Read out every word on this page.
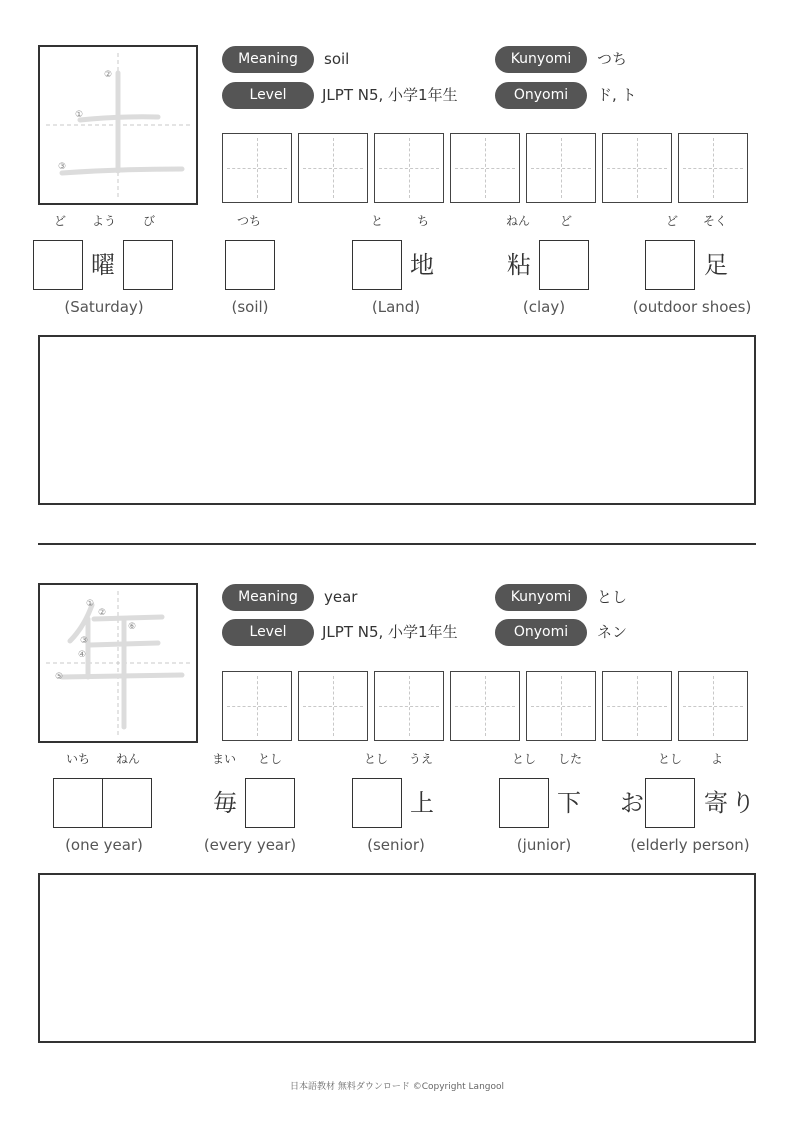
①
②
③
Meaning	soil
Level	JLPT N5, 小学1年生
Kunyomi	つち
Onyomi	ド, ト
ど よう び
曜
(Saturday)
つち
(soil)
と	ち
地
(Land)
ねん ど
粘
(clay)
ど そく
足
(outdoor shoes)
①
②
③
④
⑤
⑥
Meaning	year
Level	JLPT N5, 小学1年生
Kunyomi	とし
Onyomi	ネン
いち ねん
(one year)
まい とし
毎
(every year)
とし うえ
上
(senior)
とし した
下
(junior)
とし よ
お	寄 り
(elderly person)
日本語教材 無料ダウンロード ©Copyright Langool
